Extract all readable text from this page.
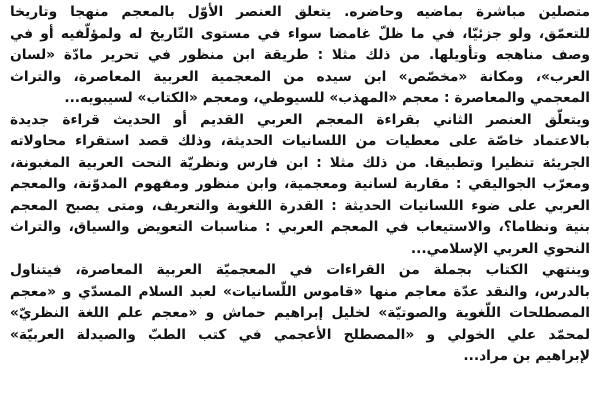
متصلين مباشرة بماضيه وحاضره. يتعلق العنصر الأوّل بالمعجم منهجا وتاريخا
للتعمّق، ولو جزئيّا، في ما ظلّ غامضا سواء في مستوى التّاريخ له ولمؤلّفيه أو في
وصف مناهجه وتأويلها. من ذلك مثلا : طريقة ابن منظور في تحرير مادّة «لسان
العرب»، ومكانة «مخصّص» ابن سيده من المعجمية العربية المعاصرة، والتراث
المعجمي والمعاصرة : معجم «المهذب» للسيوطي، ومعجم «الكتاب» لسيبويه...
ويتعلّق العنصر الثاني بقراءة المعجم العربي القديم أو الحديث قراءة جديدة
بالاعتماد خاصّة على معطيات من اللسانيات الحديثة، وذلك قصد استقراء محاولاته
الجريئة تنظيرا وتطبيقا. من ذلك مثلا : ابن فارس ونظريّة النحت العربية المغبونة،
ومعرّب الجواليقي : مقاربة لسانية ومعجمية، وابن منظور ومفهوم المدوّنة، والمعجم
العربي على ضوء اللسانيات الحديثة : القدرة اللغوية والتعريف، ومتى يصبح المعجم
بنية ونظاما؟، والاستيعاب في المعجم العربي : مناسبات التعويض والسياق، والتراث
النحوي العربي الإسلامي...
وينتهي الكتاب بجملة من القراءات في المعجميّة العربية المعاصرة، فيتناول
بالدرس، والنقد عدّة معاجم منها «قاموس اللّسانيات» لعبد السلام المسدّي و «معجم
المصطلحات اللّغوية والصوتيّة» لخليل إبراهيم حماش و «معجم علم اللغة النظريّ»
لمحمّد علي الخولي و «المصطلح الأعجمي في كتب الطبّ والصيدلة العربيّة»
لإبراهيم بن مراد...
